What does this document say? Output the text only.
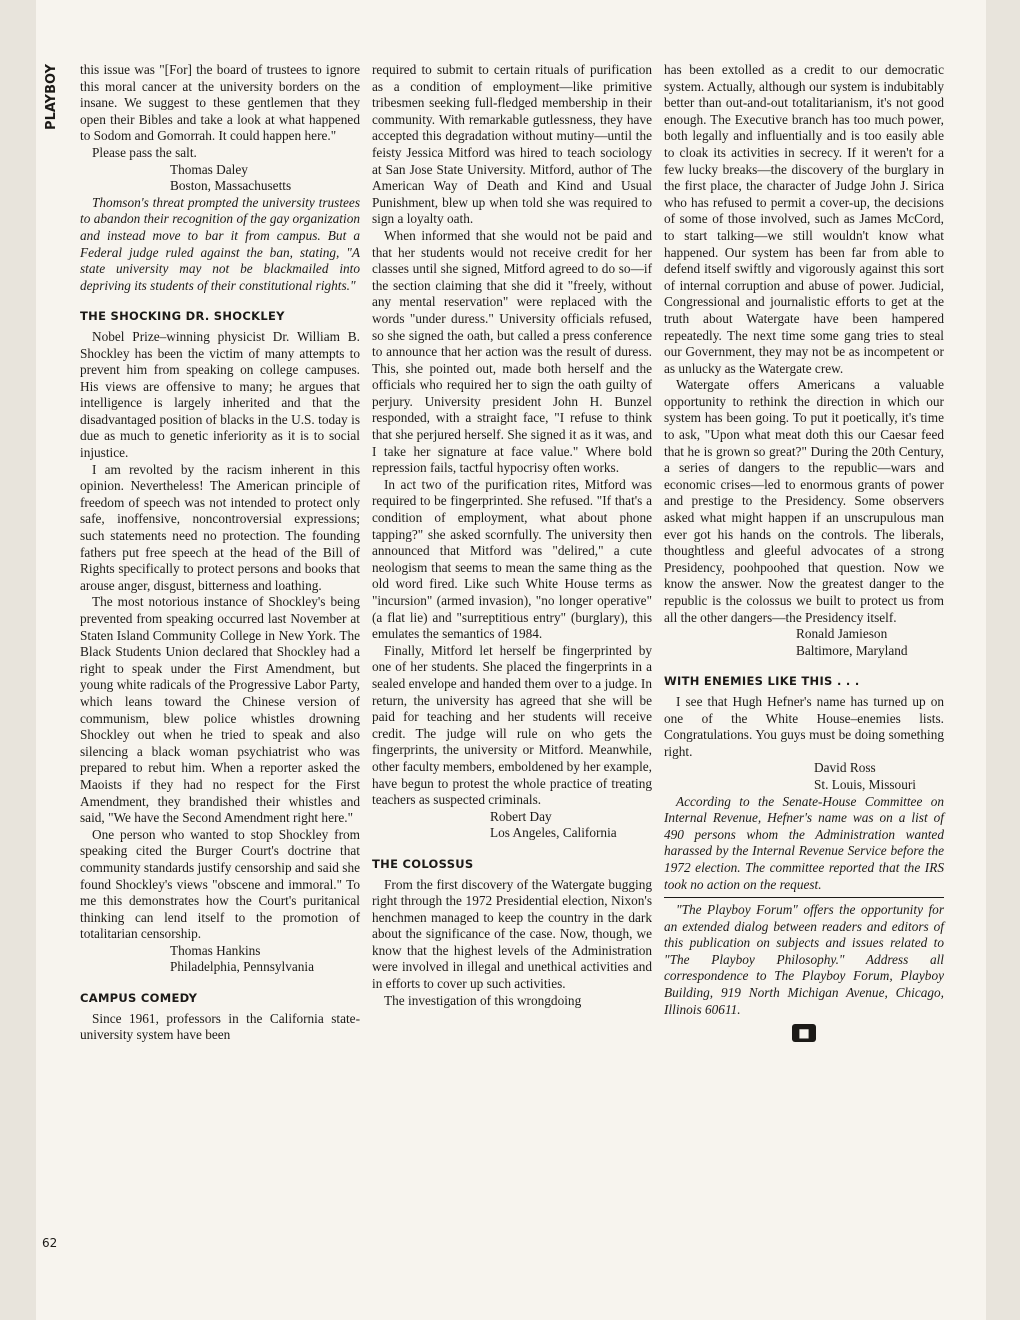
PLAYBOY
62

this issue was "[For] the board of trustees to ignore this moral cancer at the university borders on the insane. We suggest to these gentlemen that they open their Bibles and take a look at what happened to Sodom and Gomorrah. It could happen here."

Please pass the salt.

Thomas Daley
Boston, Massachusetts

Thomson's threat prompted the university trustees to abandon their recognition of the gay organization and instead move to bar it from campus. But a Federal judge ruled against the ban, stating, "A state university may not be blackmailed into depriving its students of their constitutional rights."

THE SHOCKING DR. SHOCKLEY

Nobel Prize–winning physicist Dr. William B. Shockley has been the victim of many attempts to prevent him from speaking on college campuses. His views are offensive to many; he argues that intelligence is largely inherited and that the disadvantaged position of blacks in the U.S. today is due as much to genetic inferiority as it is to social injustice.

I am revolted by the racism inherent in this opinion. Nevertheless! The American principle of freedom of speech was not intended to protect only safe, inoffensive, noncontroversial expressions; such statements need no protection. The founding fathers put free speech at the head of the Bill of Rights specifically to protect persons and books that arouse anger, disgust, bitterness and loathing.

The most notorious instance of Shockley's being prevented from speaking occurred last November at Staten Island Community College in New York. The Black Students Union declared that Shockley had a right to speak under the First Amendment, but young white radicals of the Progressive Labor Party, which leans toward the Chinese version of communism, blew police whistles drowning Shockley out when he tried to speak and also silencing a black woman psychiatrist who was prepared to rebut him. When a reporter asked the Maoists if they had no respect for the First Amendment, they brandished their whistles and said, "We have the Second Amendment right here."

One person who wanted to stop Shockley from speaking cited the Burger Court's doctrine that community standards justify censorship and said she found Shockley's views "obscene and immoral." To me this demonstrates how the Court's puritanical thinking can lend itself to the promotion of totalitarian censorship.

Thomas Hankins
Philadelphia, Pennsylvania
CAMPUS COMEDY

Since 1961, professors in the California state-university system have been

required to submit to certain rituals of purification as a condition of employment—like primitive tribesmen seeking full-fledged membership in their community. With remarkable gutlessness, they have accepted this degradation without mutiny—until the feisty Jessica Mitford was hired to teach sociology at San Jose State University. Mitford, author of The American Way of Death and Kind and Usual Punishment, blew up when told she was required to sign a loyalty oath.

When informed that she would not be paid and that her students would not receive credit for her classes until she signed, Mitford agreed to do so—if the section claiming that she did it "freely, without any mental reservation" were replaced with the words "under duress." University officials refused, so she signed the oath, but called a press conference to announce that her action was the result of duress. This, she pointed out, made both herself and the officials who required her to sign the oath guilty of perjury. University president John H. Bunzel responded, with a straight face, "I refuse to think that she perjured herself. She signed it as it was, and I take her signature at face value." Where bold repression fails, tactful hypocrisy often works.

In act two of the purification rites, Mitford was required to be fingerprinted. She refused. "If that's a condition of employment, what about phone tapping?" she asked scornfully. The university then announced that Mitford was "delired," a cute neologism that seems to mean the same thing as the old word fired. Like such White House terms as "incursion" (armed invasion), "no longer operative" (a flat lie) and "surreptitious entry" (burglary), this emulates the semantics of 1984.

Finally, Mitford let herself be fingerprinted by one of her students. She placed the fingerprints in a sealed envelope and handed them over to a judge. In return, the university has agreed that she will be paid for teaching and her students will receive credit. The judge will rule on who gets the fingerprints, the university or Mitford. Meanwhile, other faculty members, emboldened by her example, have begun to protest the whole practice of treating teachers as suspected criminals.

Robert Day
Los Angeles, California
THE COLOSSUS

From the first discovery of the Watergate bugging right through the 1972 Presidential election, Nixon's henchmen managed to keep the country in the dark about the significance of the case. Now, though, we know that the highest levels of the Administration were involved in illegal and unethical activities and in efforts to cover up such activities.

The investigation of this wrongdoing

has been extolled as a credit to our democratic system. Actually, although our system is indubitably better than out-and-out totalitarianism, it's not good enough. The Executive branch has too much power, both legally and influentially and is too easily able to cloak its activities in secrecy. If it weren't for a few lucky breaks—the discovery of the burglary in the first place, the character of Judge John J. Sirica who has refused to permit a cover-up, the decisions of some of those involved, such as James McCord, to start talking—we still wouldn't know what happened. Our system has been far from able to defend itself swiftly and vigorously against this sort of internal corruption and abuse of power. Judicial, Congressional and journalistic efforts to get at the truth about Watergate have been hampered repeatedly. The next time some gang tries to steal our Government, they may not be as incompetent or as unlucky as the Watergate crew.

Watergate offers Americans a valuable opportunity to rethink the direction in which our system has been going. To put it poetically, it's time to ask, "Upon what meat doth this our Caesar feed that he is grown so great?" During the 20th Century, a series of dangers to the republic—wars and economic crises—led to enormous grants of power and prestige to the Presidency. Some observers asked what might happen if an unscrupulous man ever got his hands on the controls. The liberals, thoughtless and gleeful advocates of a strong Presidency, poohpoohed that question. Now we know the answer. Now the greatest danger to the republic is the colossus we built to protect us from all the other dangers—the Presidency itself.

Ronald Jamieson
Baltimore, Maryland
WITH ENEMIES LIKE THIS . . .

I see that Hugh Hefner's name has turned up on one of the White House–enemies lists. Congratulations. You guys must be doing something right.

David Ross
St. Louis, Missouri

According to the Senate-House Committee on Internal Revenue, Hefner's name was on a list of 490 persons whom the Administration wanted harassed by the Internal Revenue Service before the 1972 election. The committee reported that the IRS took no action on the request.

"The Playboy Forum" offers the opportunity for an extended dialog between readers and editors of this publication on subjects and issues related to "The Playboy Philosophy." Address all correspondence to The Playboy Forum, Playboy Building, 919 North Michigan Avenue, Chicago, Illinois 60611.

■
